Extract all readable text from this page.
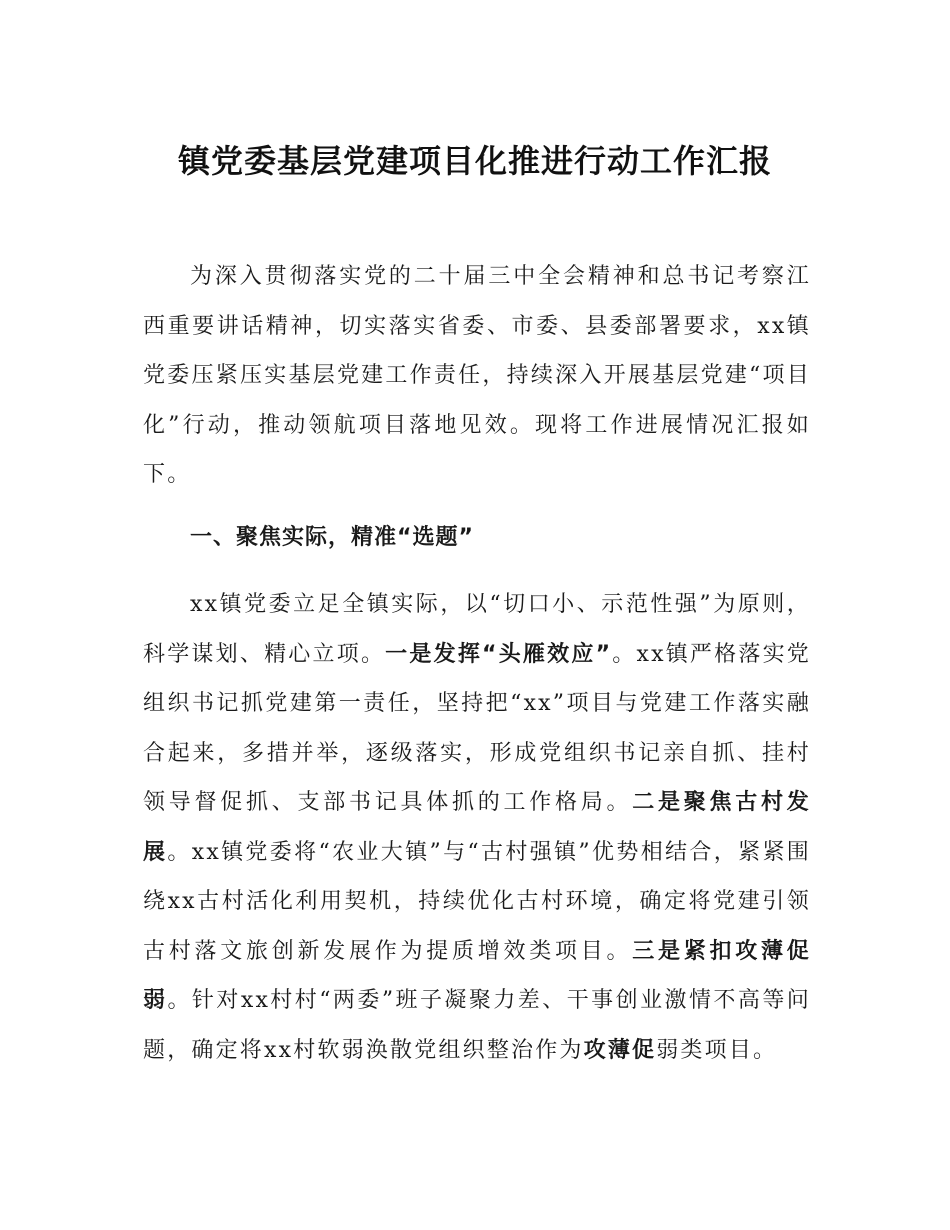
镇党委基层党建项目化推进行动工作汇报

为深入贯彻落实党的二十届三中全会精神和总书记考察江西重要讲话精神，切实落实省委、市委、县委部署要求，xx镇党委压紧压实基层党建工作责任，持续深入开展基层党建“项目化”行动，推动领航项目落地见效。现将工作进展情况汇报如下。

一、聚焦实际，精准“选题”

xx镇党委立足全镇实际，以“切口小、示范性强”为原则，科学谋划、精心立项。一是发挥“头雁效应”。xx镇严格落实党组织书记抓党建第一责任，坚持把“xx”项目与党建工作落实融合起来，多措并举，逐级落实，形成党组织书记亲自抓、挂村领导督促抓、支部书记具体抓的工作格局。二是聚焦古村发展。xx镇党委将“农业大镇”与“古村强镇”优势相结合，紧紧围绕xx古村活化利用契机，持续优化古村环境，确定将党建引领古村落文旅创新发展作为提质增效类项目。三是紧扣攻薄促弱。针对xx村村“两委”班子凝聚力差、干事创业激情不高等问题，确定将xx村软弱涣散党组织整治作为攻薄促弱类项目。
